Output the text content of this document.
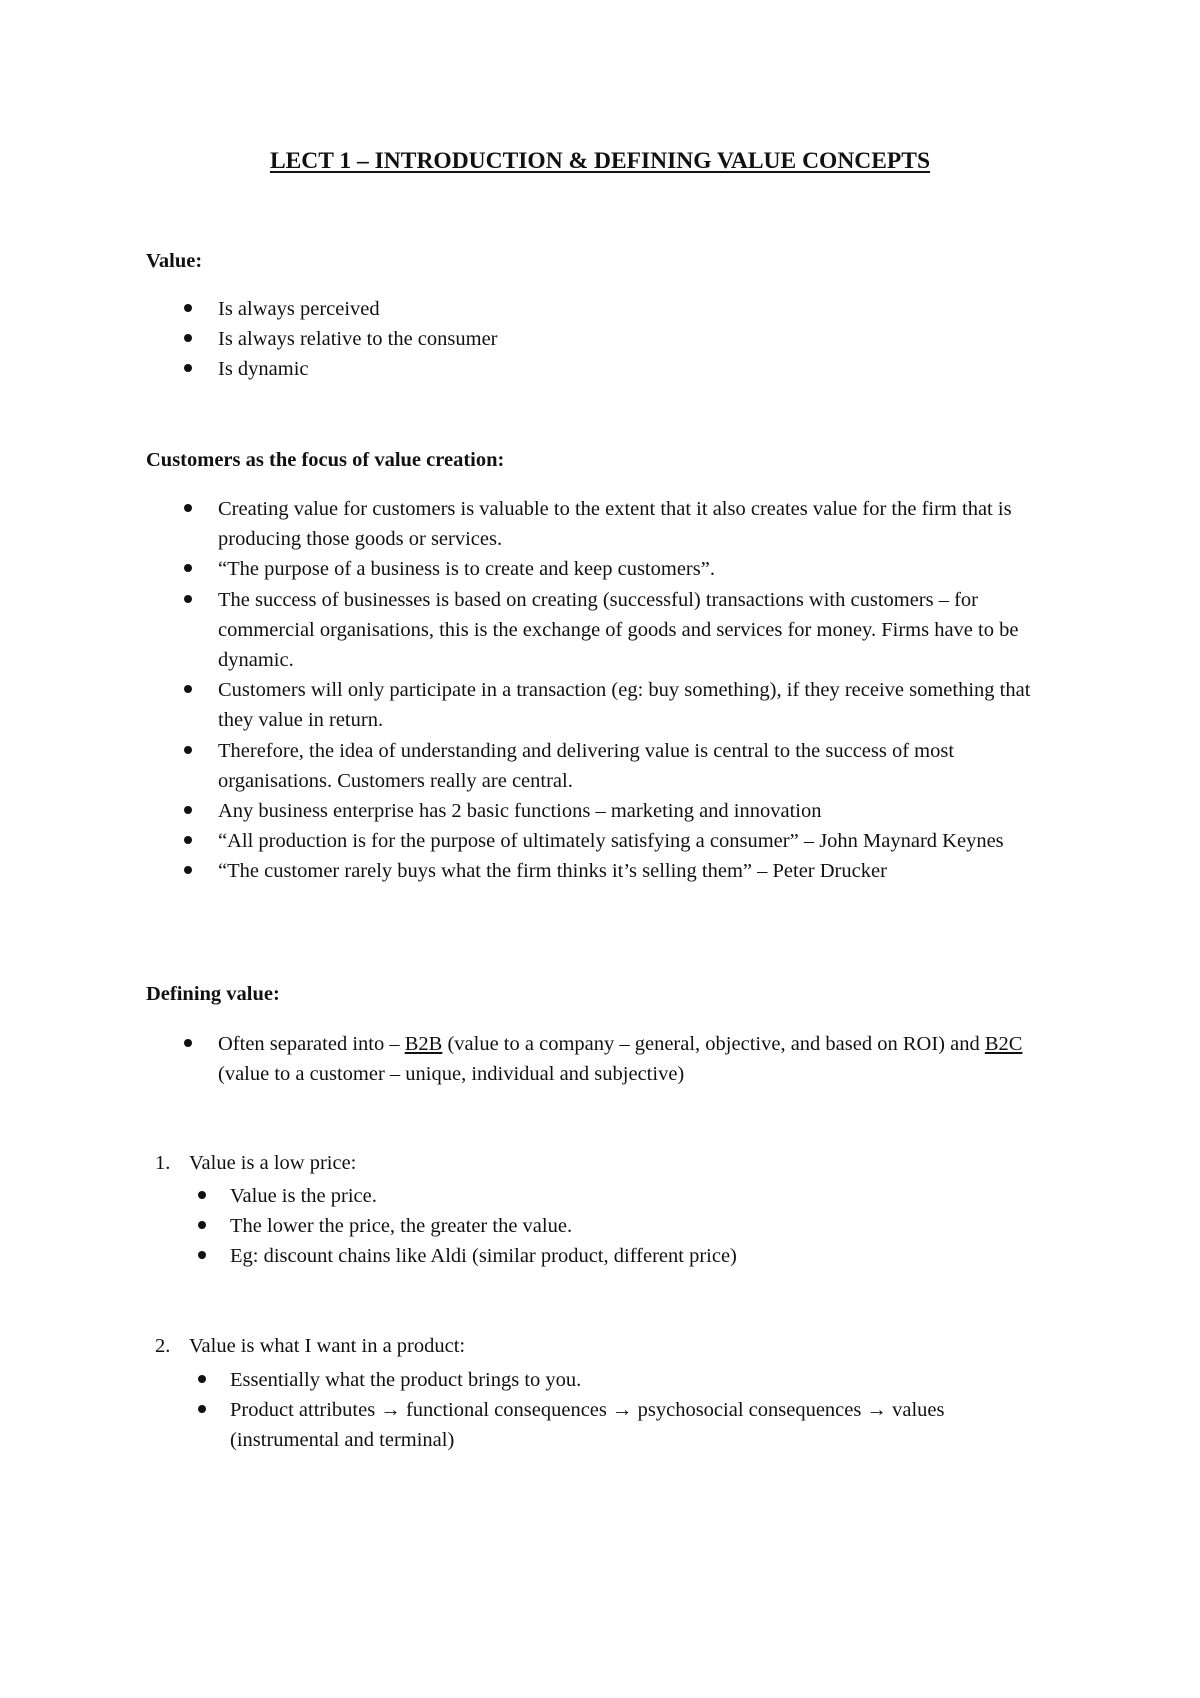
LECT 1 – INTRODUCTION & DEFINING VALUE CONCEPTS

Value:

Is always perceived
Is always relative to the consumer
Is dynamic

Customers as the focus of value creation:

Creating value for customers is valuable to the extent that it also creates value for the firm that is producing those goods or services.
“The purpose of a business is to create and keep customers”.
The success of businesses is based on creating (successful) transactions with customers – for commercial organisations, this is the exchange of goods and services for money. Firms have to be dynamic.
Customers will only participate in a transaction (eg: buy something), if they receive something that they value in return.
Therefore, the idea of understanding and delivering value is central to the success of most organisations. Customers really are central.
Any business enterprise has 2 basic functions – marketing and innovation
“All production is for the purpose of ultimately satisfying a consumer” – John Maynard Keynes
“The customer rarely buys what the firm thinks it’s selling them” – Peter Drucker

Defining value:

Often separated into – B2B (value to a company – general, objective, and based on ROI) and B2C (value to a customer – unique, individual and subjective)

1. Value is a low price:

Value is the price.
The lower the price, the greater the value.
Eg: discount chains like Aldi (similar product, different price)

2. Value is what I want in a product:

Essentially what the product brings to you.
Product attributes → functional consequences → psychosocial consequences → values (instrumental and terminal)
